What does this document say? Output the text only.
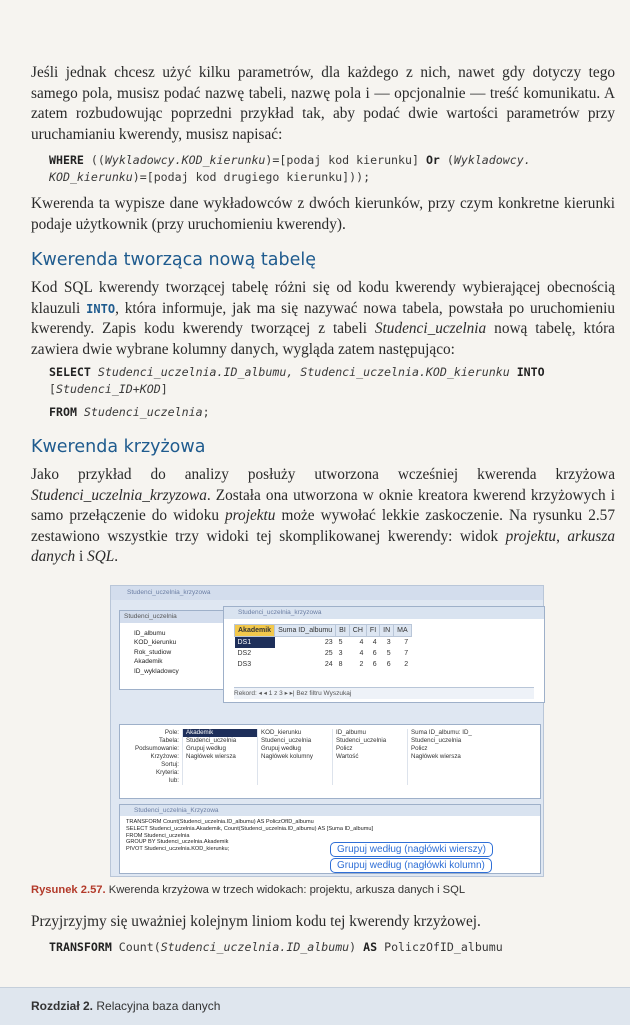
Jeśli jednak chcesz użyć kilku parametrów, dla każdego z nich, nawet gdy dotyczy tego samego pola, musisz podać nazwę tabeli, nazwę pola i — opcjonalnie — treść komunikatu. A zatem rozbudowując poprzedni przykład tak, aby podać dwie wartości parametrów przy uruchamianiu kwerendy, musisz napisać:
WHERE ((Wykladowcy.KOD_kierunku)=[podaj kod kierunku] Or (Wykladowcy.
KOD_kierunku)=[podaj kod drugiego kierunku]));
Kwerenda ta wypisze dane wykładowców z dwóch kierunków, przy czym konkretne kierunki podaje użytkownik (przy uruchomieniu kwerendy).
Kwerenda tworząca nową tabelę
Kod SQL kwerendy tworzącej tabelę różni się od kodu kwerendy wybierającej obecnością klauzuli INTO, która informuje, jak ma się nazywać nowa tabela, powstała po uruchomieniu kwerendy. Zapis kodu kwerendy tworzącej z tabeli Studenci_uczelnia nową tabelę, która zawiera dwie wybrane kolumny danych, wygląda zatem następująco:
SELECT Studenci_uczelnia.ID_albumu, Studenci_uczelnia.KOD_kierunku INTO
[Studenci_ID+KOD]
FROM Studenci_uczelnia;
Kwerenda krzyżowa
Jako przykład do analizy posłuży utworzona wcześniej kwerenda krzyżowa Studenci_uczelnia_krzyzowa. Została ona utworzona w oknie kreatora kwerend krzyżowych i samo przełączenie do widoku projektu może wywołać lekkie zaskoczenie. Na rysunku 2.57 zestawiono wszystkie trzy widoki tej skomplikowanej kwerendy: widok projektu, arkusza danych i SQL.
Studenci_uczelnia_krzyzowa
Studenci_uczelnia
ID_albumu
KOD_kierunku
Rok_studiow
Akademik
ID_wykladowcy
Studenci_uczelnia_krzyzowa
Akademik	Suma ID_albumu	BI	CH	FI	IN	MA
DS1	23	5	4	4	3	7
DS2	25	3	4	6	5	7
DS3	24	8	2	6	6	2
Rekord: ◂ ◂ 1 z 3 ▸ ▸| Bez filtru Wyszukaj
Pole:	Akademik	KOD_kierunku	ID_albumu	Suma ID_albumu: ID_
Tabela:	Studenci_uczelnia	Studenci_uczelnia	Studenci_uczelnia	Studenci_uczelnia
Podsumowanie:	Grupuj według	Grupuj według	Policz	Policz
Krzyżowe:	Nagłówek wiersza	Nagłówek kolumny	Wartość	Nagłówek wiersza
Sortuj:				
Kryteria:				
lub:				
Studenci_uczelnia_Krzyzowa
TRANSFORM Count(Studenci_uczelnia.ID_albumu) AS PoliczOfID_albumu
SELECT Studenci_uczelnia.Akademik, Count(Studenci_uczelnia.ID_albumu) AS [Suma ID_albumu]
FROM Studenci_uczelnia
GROUP BY Studenci_uczelnia.Akademik
PIVOT Studenci_uczelnia.KOD_kierunku;	Grupuj według (nagłówki wierszy)
Grupuj według (nagłówki kolumn)
Rysunek 2.57. Kwerenda krzyżowa w trzech widokach: projektu, arkusza danych i SQL
Przyjrzyjmy się uważniej kolejnym liniom kodu tej kwerendy krzyżowej.
TRANSFORM Count(Studenci_uczelnia.ID_albumu) AS PoliczOfID_albumu
Rozdział 2. Relacyjna baza danych
